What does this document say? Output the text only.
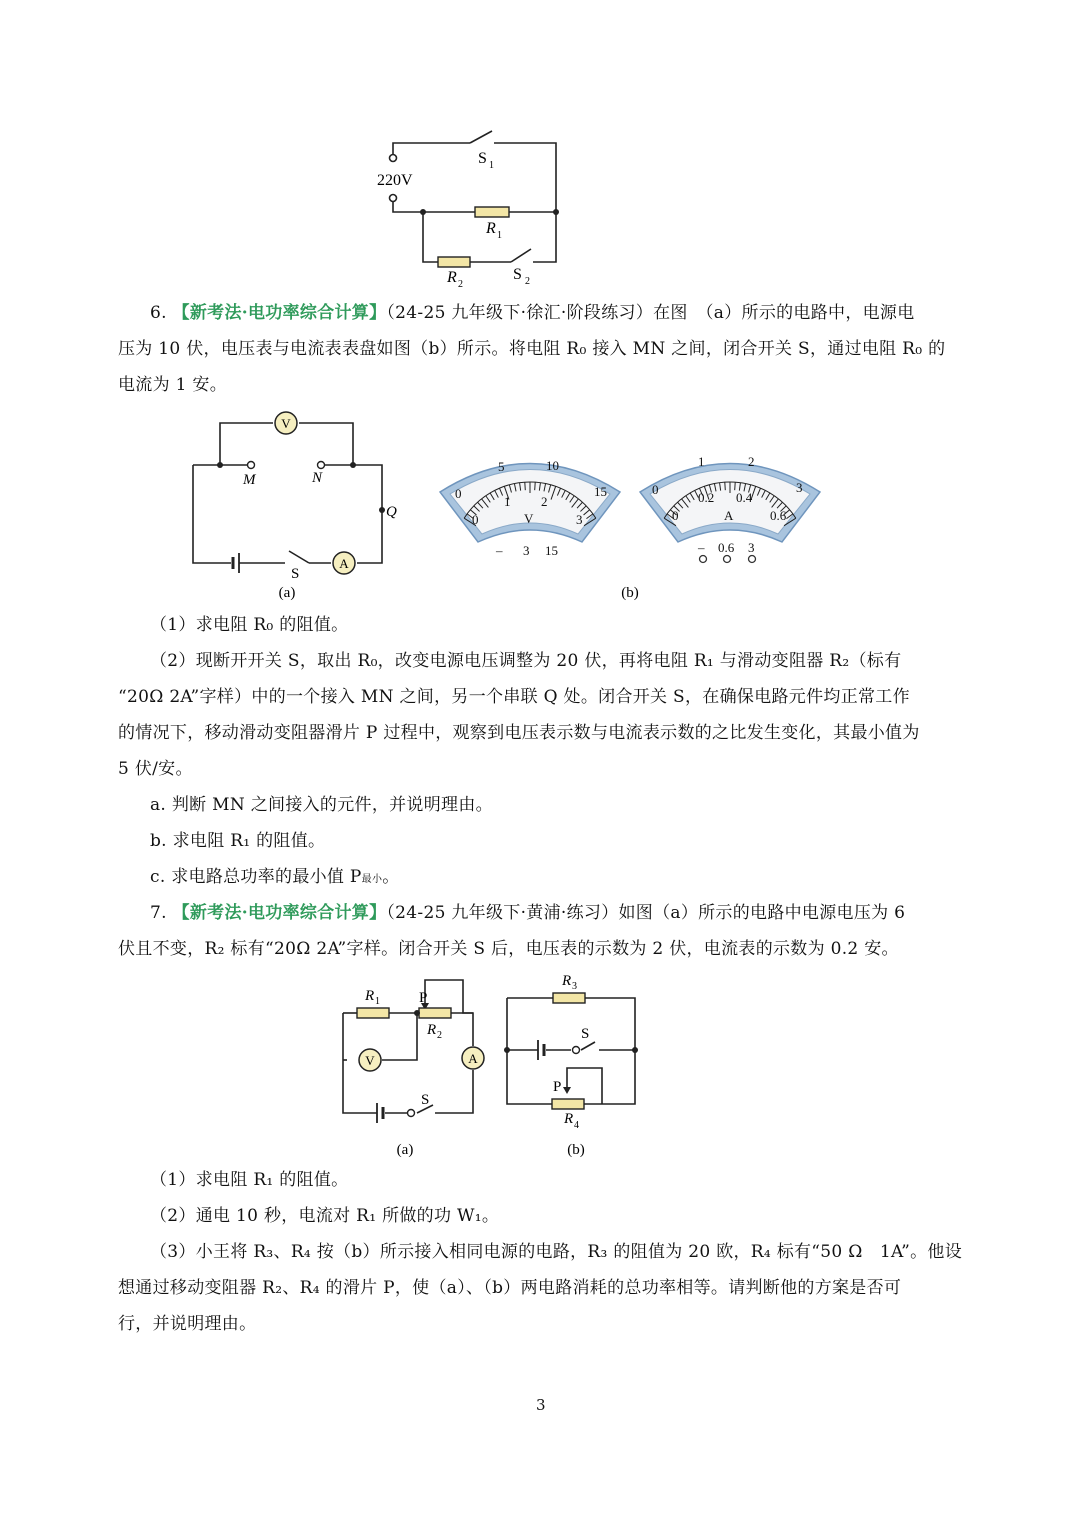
220V
S 1
R 1
R 2
S 2
6. 【新考法·电功率综合计算】（24-25 九年级下·徐汇·阶段练习）在图　（a）所示的电路中，电源电
压为 10 伏，电压表与电流表表盘如图（b）所示。将电阻 R₀ 接入 MN 之间，闭合开关 S，通过电阻 R₀ 的
电流为 1 安。
V
A
M	N
Q
S
(a)
0
5	10
15
0
1 2
3
V
– 3 15
0
1	2
3
0
0.2 0.4
0.6
A
– 0.6 3
(b)
（1）求电阻 R₀ 的阻值。
（2）现断开开关 S，取出 R₀，改变电源电压调整为 20 伏，再将电阻 R₁ 与滑动变阻器 R₂（标有
“20Ω 2A”字样）中的一个接入 MN 之间，另一个串联 Q 处。闭合开关 S，在确保电路元件均正常工作
的情况下，移动滑动变阻器滑片 P 过程中，观察到电压表示数与电流表示数的之比发生变化，其最小值为
5 伏/安。
a. 判断 MN 之间接入的元件，并说明理由。
b. 求电阻 R₁ 的阻值。
c. 求电路总功率的最小值 P最小。
7. 【新考法·电功率综合计算】（24-25 九年级下·黄浦·练习）如图（a）所示的电路中电源电压为 6
伏且不变，R₂ 标有“20Ω 2A”字样。闭合开关 S 后，电压表的示数为 2 伏，电流表的示数为 0.2 安。
V	A
R 1	P
R 2
S
(a)
R 3
S
P
R 4
(b)
（1）求电阻 R₁ 的阻值。
（2）通电 10 秒，电流对 R₁ 所做的功 W₁。
（3）小王将 R₃、R₄ 按（b）所示接入相同电源的电路，R₃ 的阻值为 20 欧，R₄ 标有“50 Ω　1A”。他设
想通过移动变阻器 R₂、R₄ 的滑片 P，使（a）、（b）两电路消耗的总功率相等。请判断他的方案是否可
行，并说明理由。
3
